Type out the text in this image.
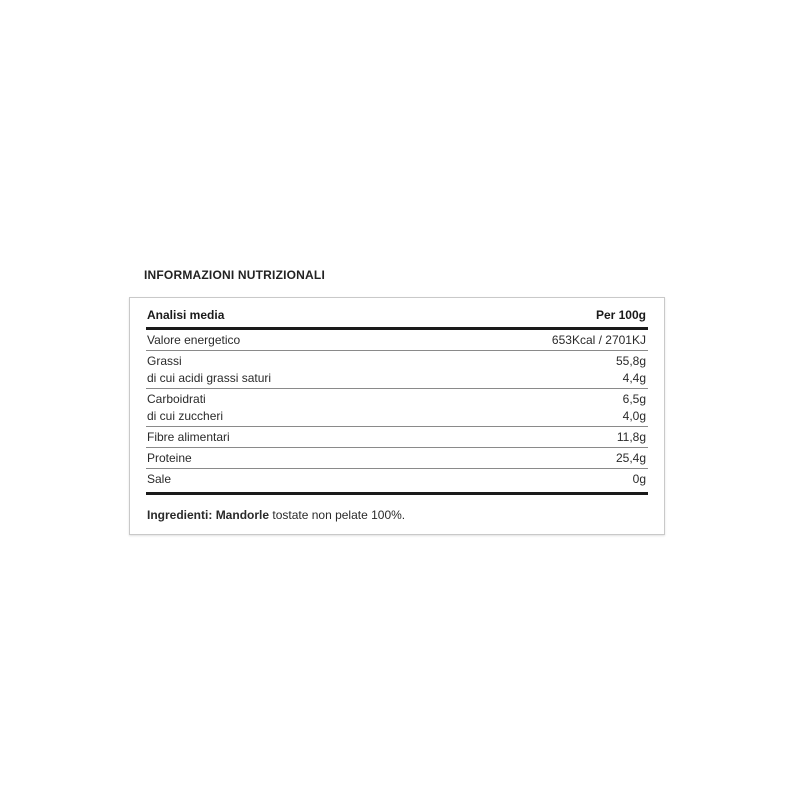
INFORMAZIONI NUTRIZIONALI
Analisi media	Per 100g
Valore energetico	653Kcal / 2701KJ
Grassi	55,8g
di cui acidi grassi saturi	4,4g
Carboidrati	6,5g
di cui zuccheri	4,0g
Fibre alimentari	11,8g
Proteine	25,4g
Sale	0g
Ingredienti: Mandorle tostate non pelate 100%.
